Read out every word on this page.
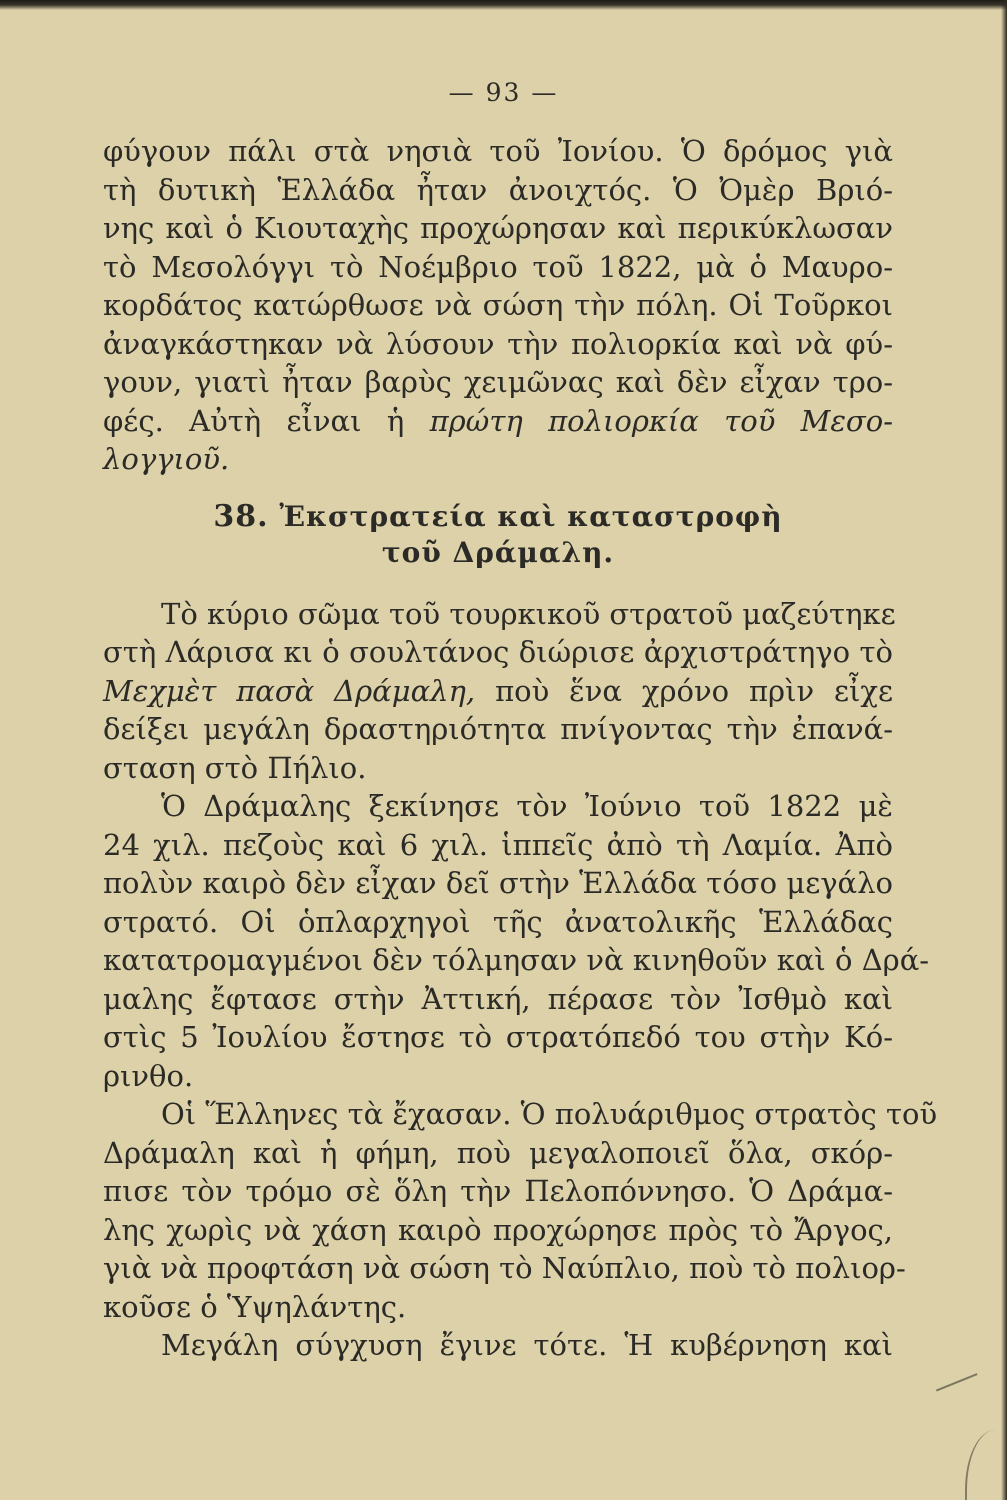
— 93 —
φύγουν πάλι στὰ νησιὰ τοῦ Ἰονίου. Ὁ δρόμος γιὰ
τὴ δυτικὴ Ἑλλάδα ἦταν ἀνοιχτός. Ὁ Ὀμὲρ Βριό-
νης καὶ ὁ Κιουταχὴς προχώρησαν καὶ περικύκλωσαν
τὸ Μεσολόγγι τὸ Νοέμβριο τοῦ 1822, μὰ ὁ Μαυρο-
κορδάτος κατώρθωσε νὰ σώση τὴν πόλη. Οἱ Τοῦρκοι
ἀναγκάστηκαν νὰ λύσουν τὴν πολιορκία καὶ νὰ φύ-
γουν, γιατὶ ἦταν βαρὺς χειμῶνας καὶ δὲν εἶχαν τρο-
φές. Αὐτὴ εἶναι ἡ πρώτη πολιορκία τοῦ Μεσο-
λογγιοῦ.
38. Ἐκστρατεία καὶ καταστροφὴ
τοῦ Δράμαλη.
Τὸ κύριο σῶμα τοῦ τουρκικοῦ στρατοῦ μαζεύτηκε
στὴ Λάρισα κι ὁ σουλτάνος διώρισε ἀρχιστράτηγο τὸ
Μεχμὲτ πασὰ Δράμαλη, ποὺ ἕνα χρόνο πρὶν εἶχε
δείξει μεγάλη δραστηριότητα πνίγοντας τὴν ἐπανά-
σταση στὸ Πήλιο.
Ὁ Δράμαλης ξεκίνησε τὸν Ἰούνιο τοῦ 1822 μὲ
24 χιλ. πεζοὺς καὶ 6 χιλ. ἱππεῖς ἀπὸ τὴ Λαμία. Ἀπὸ
πολὺν καιρὸ δὲν εἶχαν δεῖ στὴν Ἑλλάδα τόσο μεγάλο
στρατό. Οἱ ὁπλαρχηγοὶ τῆς ἀνατολικῆς Ἑλλάδας
κατατρομαγμένοι δὲν τόλμησαν νὰ κινηθοῦν καὶ ὁ Δρά-
μαλης ἔφτασε στὴν Ἀττική, πέρασε τὸν Ἰσθμὸ καὶ
στὶς 5 Ἰουλίου ἔστησε τὸ στρατόπεδό του στὴν Κό-
ρινθο.
Οἱ Ἕλληνες τὰ ἔχασαν. Ὁ πολυάριθμος στρατὸς τοῦ
Δράμαλη καὶ ἡ φήμη, ποὺ μεγαλοποιεῖ ὅλα, σκόρ-
πισε τὸν τρόμο σὲ ὅλη τὴν Πελοπόννησο. Ὁ Δράμα-
λης χωρὶς νὰ χάση καιρὸ προχώρησε πρὸς τὸ Ἄργος,
γιὰ νὰ προφτάση νὰ σώση τὸ Ναύπλιο, ποὺ τὸ πολιορ-
κοῦσε ὁ Ὑψηλάντης.
Μεγάλη σύγχυση ἔγινε τότε. Ἡ κυβέρνηση καὶ
